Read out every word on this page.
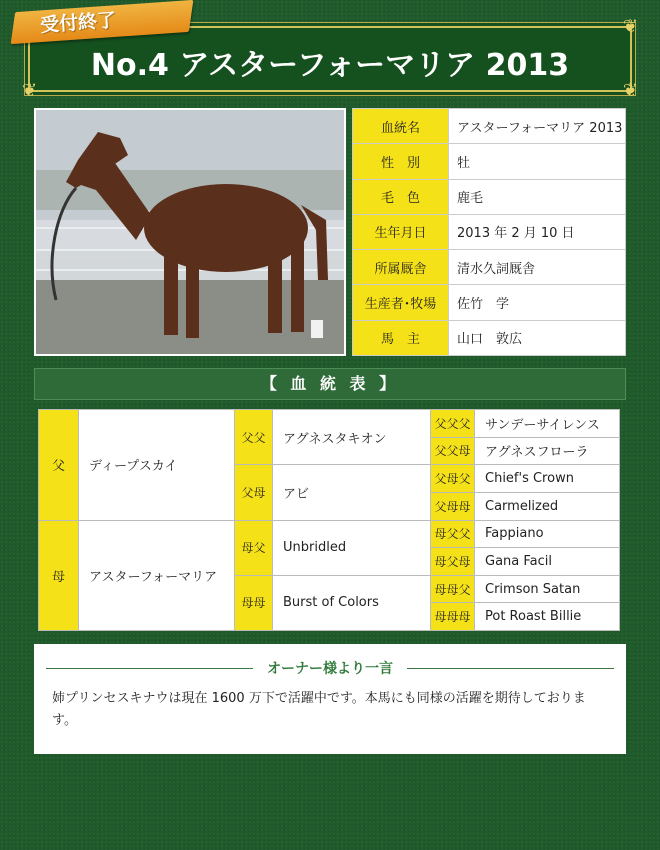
受付終了	❦
❦	❦
No.4 アスターフォーマリア 2013
血統名	アスターフォーマリア 2013
性　別	牡
毛　色	鹿毛
生年月日	2013 年 2 月 10 日
所属厩舎	清水久詞厩舎
生産者･牧場	佐竹　学
馬　主	山口　敦広
【 血 統 表 】
父	ディープスカイ	父父	アグネスタキオン	父父父	サンデーサイレンス
				父父母	アグネスフローラ
		父母	アビ	父母父	Chief's Crown
				父母母	Carmelized
母	アスターフォーマリア	母父	Unbridled	母父父	Fappiano
				母父母	Gana Facil
		母母	Burst of Colors	母母父	Crimson Satan
				母母母	Pot Roast Billie
オーナー様より一言
姉プリンセスキナウは現在 1600 万下で活躍中です。本馬にも同様の活躍を期待しております。
